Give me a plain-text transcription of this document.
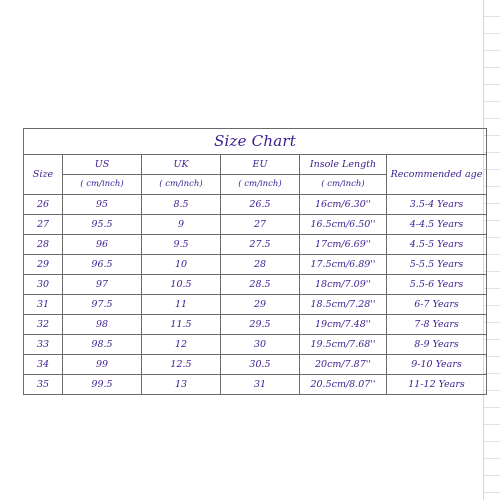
Size Chart					
Size	US	UK	EU	Insole Length	Recommended age
	( cm/inch)	( cm/inch)	( cm/inch)	( cm/inch)	
26	95	8.5	26.5	16cm/6.30''	3.5-4 Years
27	95.5	9	27	16.5cm/6.50''	4-4.5 Years
28	96	9.5	27.5	17cm/6.69''	4.5-5 Years
29	96.5	10	28	17.5cm/6.89''	5-5.5 Years
30	97	10.5	28.5	18cm/7.09''	5.5-6 Years
31	97.5	11	29	18.5cm/7.28''	6-7 Years
32	98	11.5	29.5	19cm/7.48''	7-8 Years
33	98.5	12	30	19.5cm/7.68''	8-9 Years
34	99	12.5	30.5	20cm/7.87''	9-10 Years
35	99.5	13	31	20.5cm/8.07''	11-12 Years
